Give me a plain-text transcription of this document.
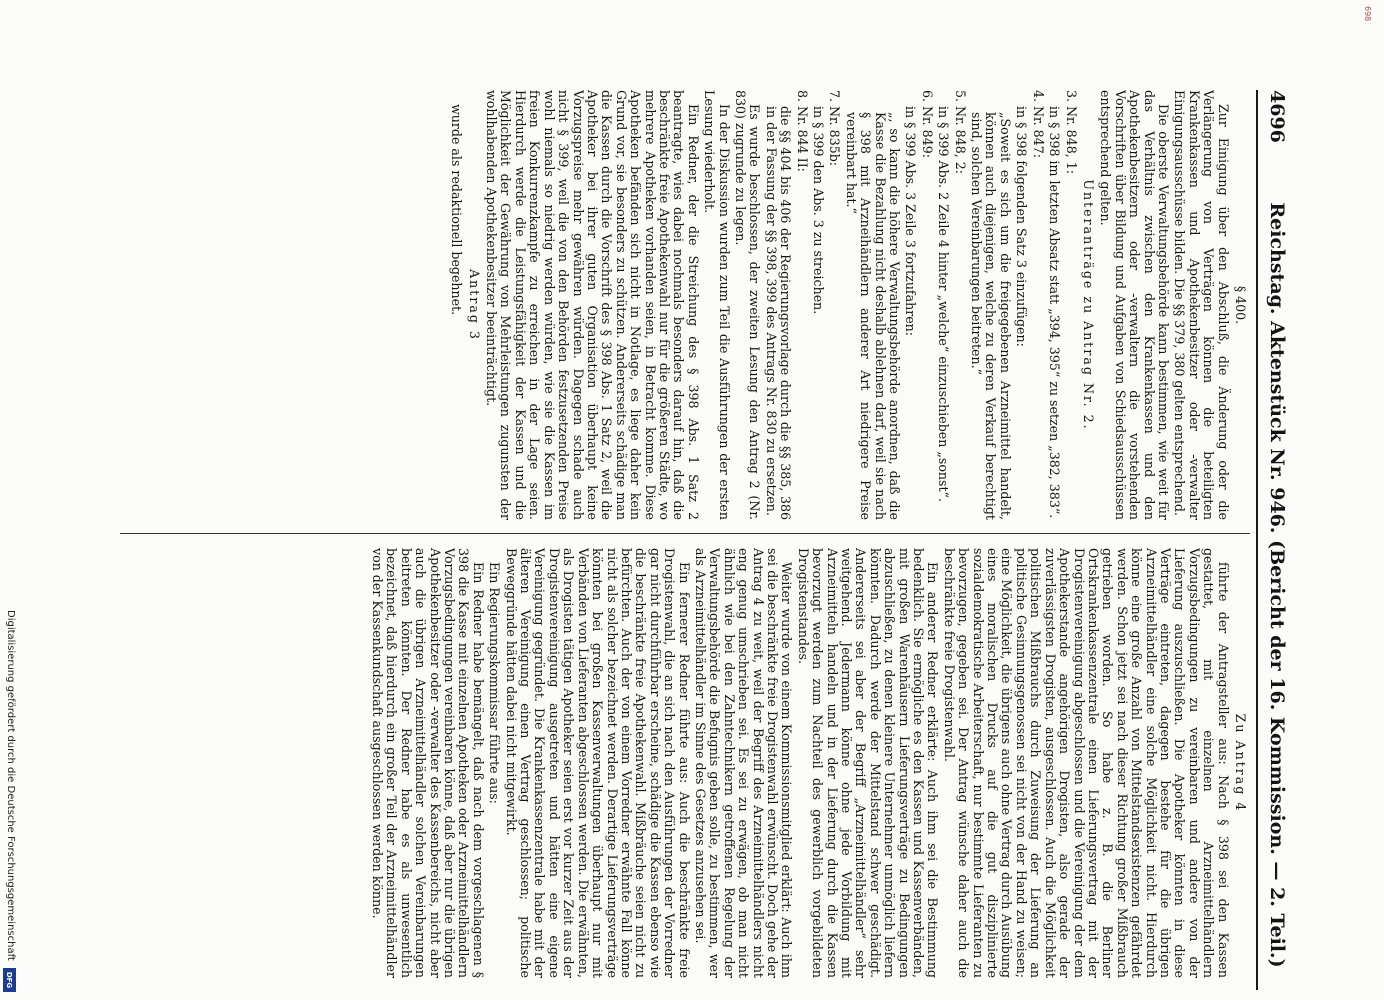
4696
Reichstag. Aktenstück Nr. 946. (Bericht der 16. Kommission. — 2. Teil.)

§ 400.

Zur Einigung über den Abschluß, die Änderung oder die Verlängerung von Verträgen können die beteiligten Krankenkassen und Apothekenbesitzer oder -verwalter Einigungsausschüsse bilden. Die §§ 379, 380 gelten entsprechend.

Die oberste Verwaltungsbehörde kann bestimmen, wie weit für das Verhältnis zwischen den Krankenkassen und den Apothekenbesitzern oder -verwaltern die vorstehenden Vorschriften über Bildung und Aufgaben von Schiedsausschüssen entsprechend gelten.

Unteranträge zu Antrag Nr. 2.

3. Nr. 848, 1:

in § 398 im letzten Absatz statt „394, 395“ zu setzen „382, 383“.

4. Nr. 847:

in § 398 folgenden Satz 3 einzufügen:

„Soweit es sich um die freigegebenen Arzneimittel handelt, können auch diejenigen, welche zu deren Verkauf berechtigt sind, solchen Vereinbarungen beitreten.“

5. Nr. 848, 2:

in § 399 Abs. 2 Zeile 4 hinter „welche“ einzuschieben „sonst“.

6. Nr. 849:

in § 399 Abs. 3 Zeile 3 fortzufahren:

„, so kann die höhere Verwaltungsbehörde anordnen, daß die Kasse die Bezahlung nicht deshalb ablehnen darf, weil sie nach § 398 mit Arzneihändlern anderer Art niedrigere Preise vereinbart hat.“

7. Nr. 835b:

in § 399 den Abs. 3 zu streichen.

8. Nr. 844 II:

die §§ 404 bis 406 der Regierungsvorlage durch die §§ 385, 386 in der Fassung der §§ 398, 399 des Antrags Nr. 830 zu ersetzen.

Es wurde beschlossen, der zweiten Lesung den Antrag 2 (Nr. 830) zugrunde zu legen.

In der Diskussion wurden zum Teil die Ausführungen der ersten Lesung wiederholt.

Ein Redner, der die Streichung des § 398 Abs. 1 Satz 2 beantragte, wies dabei nochmals besonders darauf hin, daß die beschränkte freie Apothekenwahl nur für die größeren Städte, wo mehrere Apotheken vorhanden seien, in Betracht komme. Diese Apotheken befänden sich nicht in Notlage, es liege daher kein Grund vor, sie besonders zu schützen. Andererseits schädige man die Kassen durch die Vorschrift des § 398 Abs. 1 Satz 2, weil die Apotheker bei ihrer guten Organisation überhaupt keine Vorzugspreise mehr gewähren würden. Dagegen schade auch nicht § 399, weil die von den Behörden festzusetzenden Preise wohl niemals so niedrig werden würden, wie sie die Kassen im freien Konkurrenzkampfe zu erreichen in der Lage seien. Hierdurch werde die Leistungsfähigkeit der Kassen und die Möglichkeit der Gewährung von Mehrleistungen zugunsten der wohlhabenden Apothekenbesitzer beeinträchtigt.

Antrag 3

wurde als redaktionell begehnet.

Zu Antrag 4

führte der Antragsteller aus: Nach § 398 sei den Kassen gestattet, mit einzelnen Arzneimittelhändlern Vorzugsbedingungen zu vereinbaren und andere von der Lieferung auszuschließen. Die Apotheker könnten in diese Verträge eintreten, dagegen bestehe für die übrigen Arzneimittelhändler eine solche Möglichkeit nicht. Hierdurch könne eine große Anzahl von Mittelstandsexistenzen gefährdet werden. Schon jetzt sei nach dieser Richtung großer Mißbrauch getrieben worden. So habe z. B. die Berliner Ortskrankenkassenzentrale einen Lieferungsvertrag mit der Drogistenvereinigung abgeschlossen und die Vereinigung der dem Apothekerstande angehörigen Drogisten, also gerade der zuverlässigsten Drogisten, ausgeschlossen. Auch die Möglichkeit politischen Mißbrauchs durch Zuweisung der Lieferung an politische Gesinnungsgenossen sei nicht von der Hand zu weisen; eine Möglichkeit, die übrigens auch ohne Vertrag durch Ausübung eines moralischen Drucks auf die gut disziplinierte sozialdemokratische Arbeiterschaft, nur bestimmte Lieferanten zu bevorzugen, gegeben sei. Der Antrag wünsche daher auch die beschränkte freie Drogistenwahl.

Ein anderer Redner erklärte: Auch ihm sei die Bestimmung bedenklich. Sie ermögliche es den Kassen und Kassenverbänden, mit großen Warenhäusern Lieferungsverträge zu Bedingungen abzuschließen, zu denen kleinere Unternehmer unmöglich liefern könnten. Dadurch werde der Mittelstand schwer geschädigt. Andererseits sei aber der Begriff „Arzneimittelhändler“ sehr weitgehend. Jedermann könne ohne jede Vorbildung mit Arzneimitteln handeln und in der Lieferung durch die Kassen bevorzugt werden zum Nachteil des gewerblich vorgebildeten Drogistenstandes.

Weiter wurde von einem Kommissionsmitglied erklärt: Auch ihm sei die beschränkte freie Drogistenwahl erwünscht. Doch gehe der Antrag 4 zu weit, weil der Begriff des Arzneimittelhändlers nicht eng genug umschrieben sei. Es sei zu erwägen, ob man nicht ähnlich wie bei den Zahntechnikern getroffenen Regelung der Verwaltungsbehörde die Befugnis geben solle, zu bestimmen, wer als Arzneimittelhändler im Sinne des Gesetzes anzusehen sei.

Ein fernerer Redner führte aus: Auch die beschränkte freie Drogistenwahl, die an sich nach den Ausführungen der Vorredner gar nicht durchführbar erscheine, schädige die Kassen ebenso wie die beschränkte freie Apothekenwahl. Mißbräuche seien nicht zu befürchten. Auch der von einem Vorredner erwähnte Fall könne nicht als solcher bezeichnet werden. Derartige Lieferungsverträge könnten bei großen Kassenverwaltungen überhaupt nur mit Verbänden von Lieferanten abgeschlossen werden. Die erwähnten, als Drogisten tätigen Apotheker seien erst vor kurzer Zeit aus der Drogistenvereinigung ausgetreten und hätten eine eigene Vereinigung gegründet. Die Krankenkassenzentrale habe mit der älteren Vereinigung einen Vertrag geschlossen; politische Beweggründe hätten dabei nicht mitgewirkt.

Ein Regierungskommissar führte aus:

Ein Redner habe bemängelt, daß nach dem vorgeschlagenen § 398 die Kasse mit einzelnen Apotheken oder Arzneimittelhändlern Vorzugsbedingungen vereinbaren könne, daß aber nur die übrigen Apothekenbesitzer oder -verwalter des Kassenbereichs, nicht aber auch die übrigen Arzneimittelhändler solchen Vereinbarungen beitreten könnten. Der Redner habe es als unwesentlich bezeichnet, daß hierdurch ein großer Teil der Arzneimittelhändler von der Kassenkundschaft ausgeschlossen werden könne.

Digitalisierung gefördert durch die Deutsche Forschungsgemeinschaft
DFG
698
